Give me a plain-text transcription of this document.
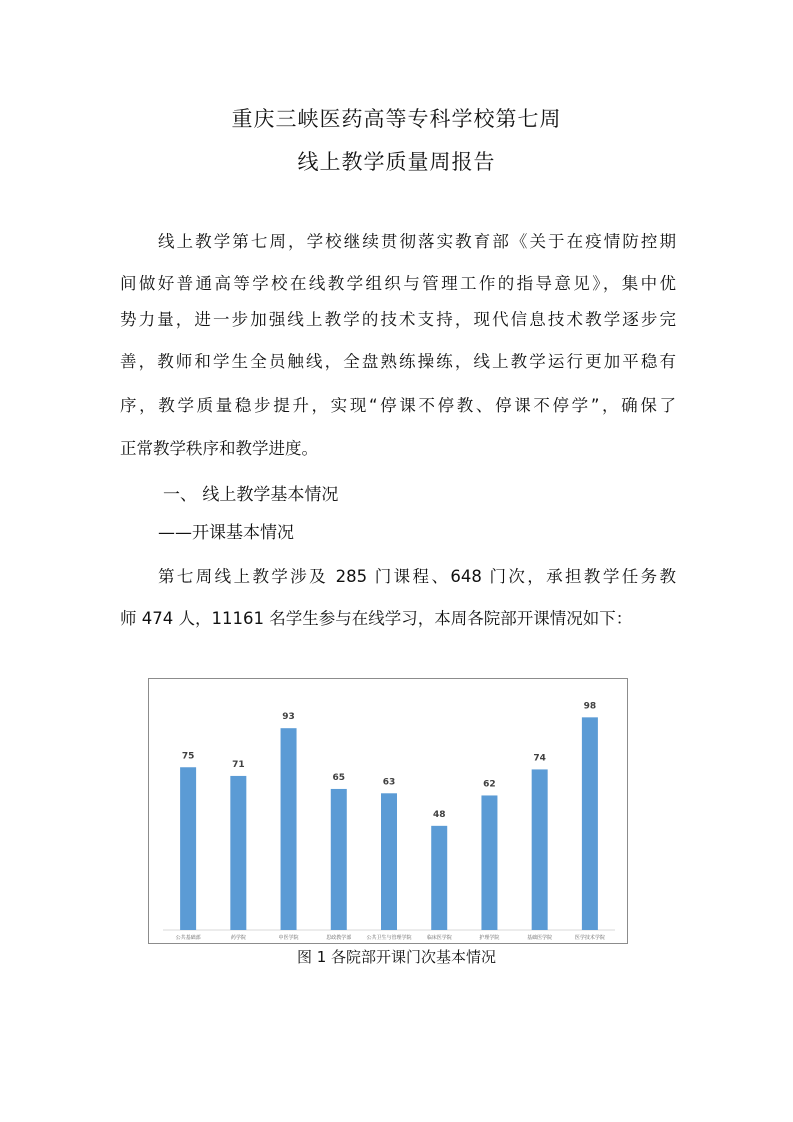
重庆三峡医药高等专科学校第七周
线上教学质量周报告
线上教学第七周，学校继续贯彻落实教育部《关于在疫情防控期
间做好普通高等学校在线教学组织与管理工作的指导意见》，集中优
势力量，进一步加强线上教学的技术支持，现代信息技术教学逐步完
善，教师和学生全员触线，全盘熟练操练，线上教学运行更加平稳有
序，教学质量稳步提升，实现“停课不停教、停课不停学”，确保了
正常教学秩序和教学进度。
一、 线上教学基本情况
——开课基本情况
第七周线上教学涉及 285 门课程、648 门次，承担教学任务教
师 474 人，11161 名学生参与在线学习，本周各院部开课情况如下：
75
公共基础部
71
药学院
93
中医学院
65
思政教学部
63
公共卫生与管理学院
48
临床医学院
62
护理学院
74
基础医学院
98
医学技术学院
图 1 各院部开课门次基本情况
